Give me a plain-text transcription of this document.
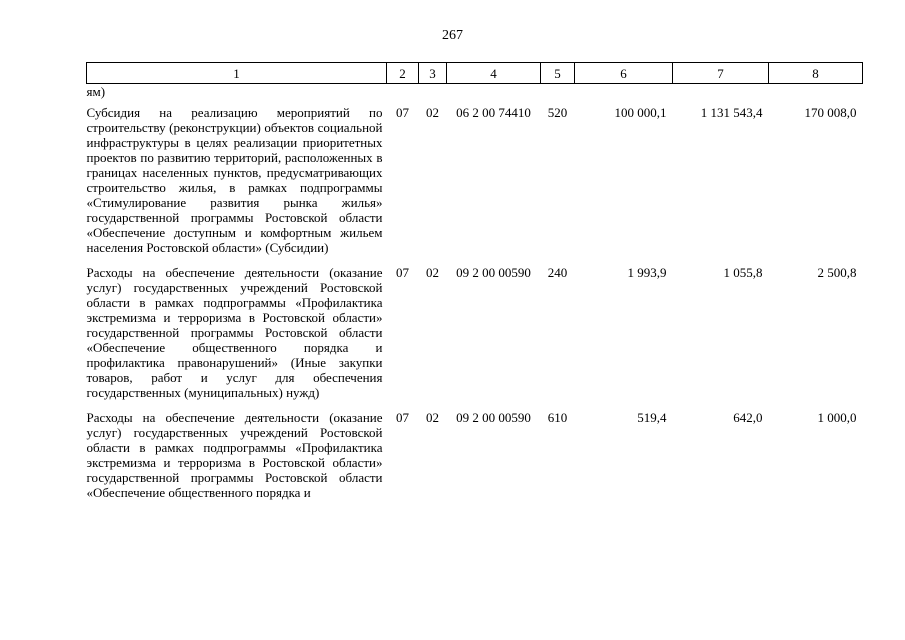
267
1	2	3	4	5	6	7	8
ям)							
Субсидия на реализацию мероприятий по строительству (реконструкции) объектов социальной инфраструктуры в целях реализации приоритетных проектов по развитию территорий, расположенных в границах населенных пунктов, предусматривающих строительство жилья, в рамках подпрограммы «Стимулирование развития рынка жилья» государственной программы Ростовской области «Обеспечение доступным и комфортным жильем населения Ростовской области» (Субсидии)	07	02	06 2 00 74410	520	100 000,1	1 131 543,4	170 008,0
Расходы на обеспечение деятельности (оказание услуг) государственных учреждений Ростовской области в рамках подпрограммы «Профилактика экстремизма и терроризма в Ростовской области» государственной программы Ростовской области «Обеспечение общественного порядка и профилактика правонарушений» (Иные закупки товаров, работ и услуг для обеспечения государственных (муниципальных) нужд)	07	02	09 2 00 00590	240	1 993,9	1 055,8	2 500,8
Расходы на обеспечение деятельности (оказание услуг) государственных учреждений Ростовской области в рамках подпрограммы «Профилактика экстремизма и терроризма в Ростовской области» государственной программы Ростовской области «Обеспечение общественного порядка и	07	02	09 2 00 00590	610	519,4	642,0	1 000,0
